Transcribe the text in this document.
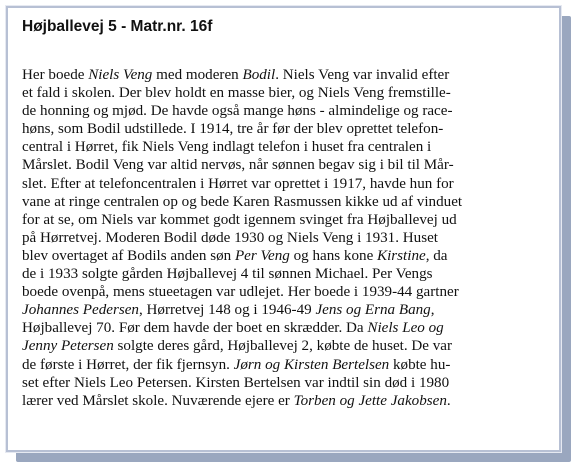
Højballevej 5 - Matr.nr. 16f
Her boede Niels Veng med moderen Bodil. Niels Veng var invalid efter
et fald i skolen. Der blev holdt en masse bier, og Niels Veng fremstille-
de honning og mjød. De havde også mange høns - almindelige og race-
høns, som Bodil udstillede. I 1914, tre år før der blev oprettet telefon-
central i Hørret, fik Niels Veng indlagt telefon i huset fra centralen i
Mårslet. Bodil Veng var altid nervøs, når sønnen begav sig i bil til Mår-
slet. Efter at telefoncentralen i Hørret var oprettet i 1917, havde hun for
vane at ringe centralen op og bede Karen Rasmussen kikke ud af vinduet
for at se, om Niels var kommet godt igennem svinget fra Højballevej ud
på Hørretvej. Moderen Bodil døde 1930 og Niels Veng i 1931. Huset
blev overtaget af Bodils anden søn Per Veng og hans kone Kirstine, da
de i 1933 solgte gården Højballevej 4 til sønnen Michael. Per Vengs
boede ovenpå, mens stueetagen var udlejet. Her boede i 1939-44 gartner
Johannes Pedersen, Hørretvej 148 og i 1946-49 Jens og Erna Bang,
Højballevej 70. Før dem havde der boet en skrædder. Da Niels Leo og
Jenny Petersen solgte deres gård, Højballevej 2, købte de huset. De var
de første i Hørret, der fik fjernsyn. Jørn og Kirsten Bertelsen købte hu-
set efter Niels Leo Petersen. Kirsten Bertelsen var indtil sin død i 1980
lærer ved Mårslet skole. Nuværende ejere er Torben og Jette Jakobsen.
